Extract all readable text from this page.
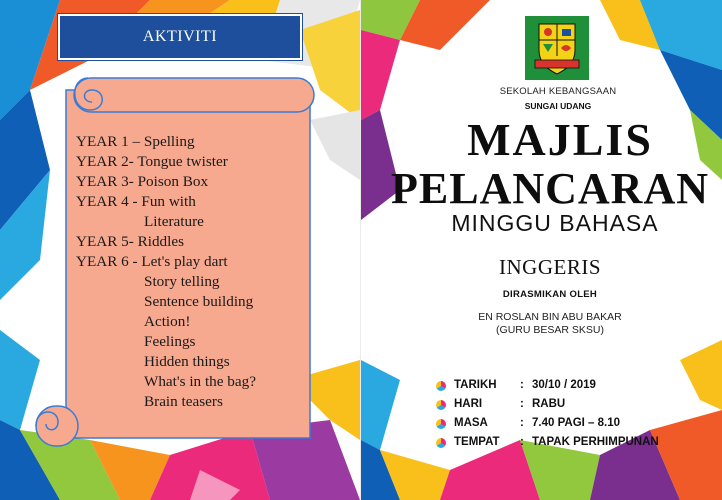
AKTIVITI
YEAR 1 – Spelling
YEAR 2- Tongue twister
YEAR 3- Poison Box
YEAR 4 - Fun with
Literature
YEAR 5- Riddles
YEAR 6 - Let's play dart
Story telling
Sentence building
Action!
Feelings
Hidden things
What's in the bag?
Brain teasers
SEKOLAH KEBANGSAAN
SUNGAI UDANG
MAJLIS
PELANCARAN
MINGGU BAHASA
INGGERIS
DIRASMIKAN OLEH
EN ROSLAN BIN ABU BAKAR
(GURU BESAR SKSU)
TARIKH : 30/10 / 2019
HARI	: RABU
MASA	: 7.40 PAGI – 8.10
TEMPAT : TAPAK PERHIMPUNAN
